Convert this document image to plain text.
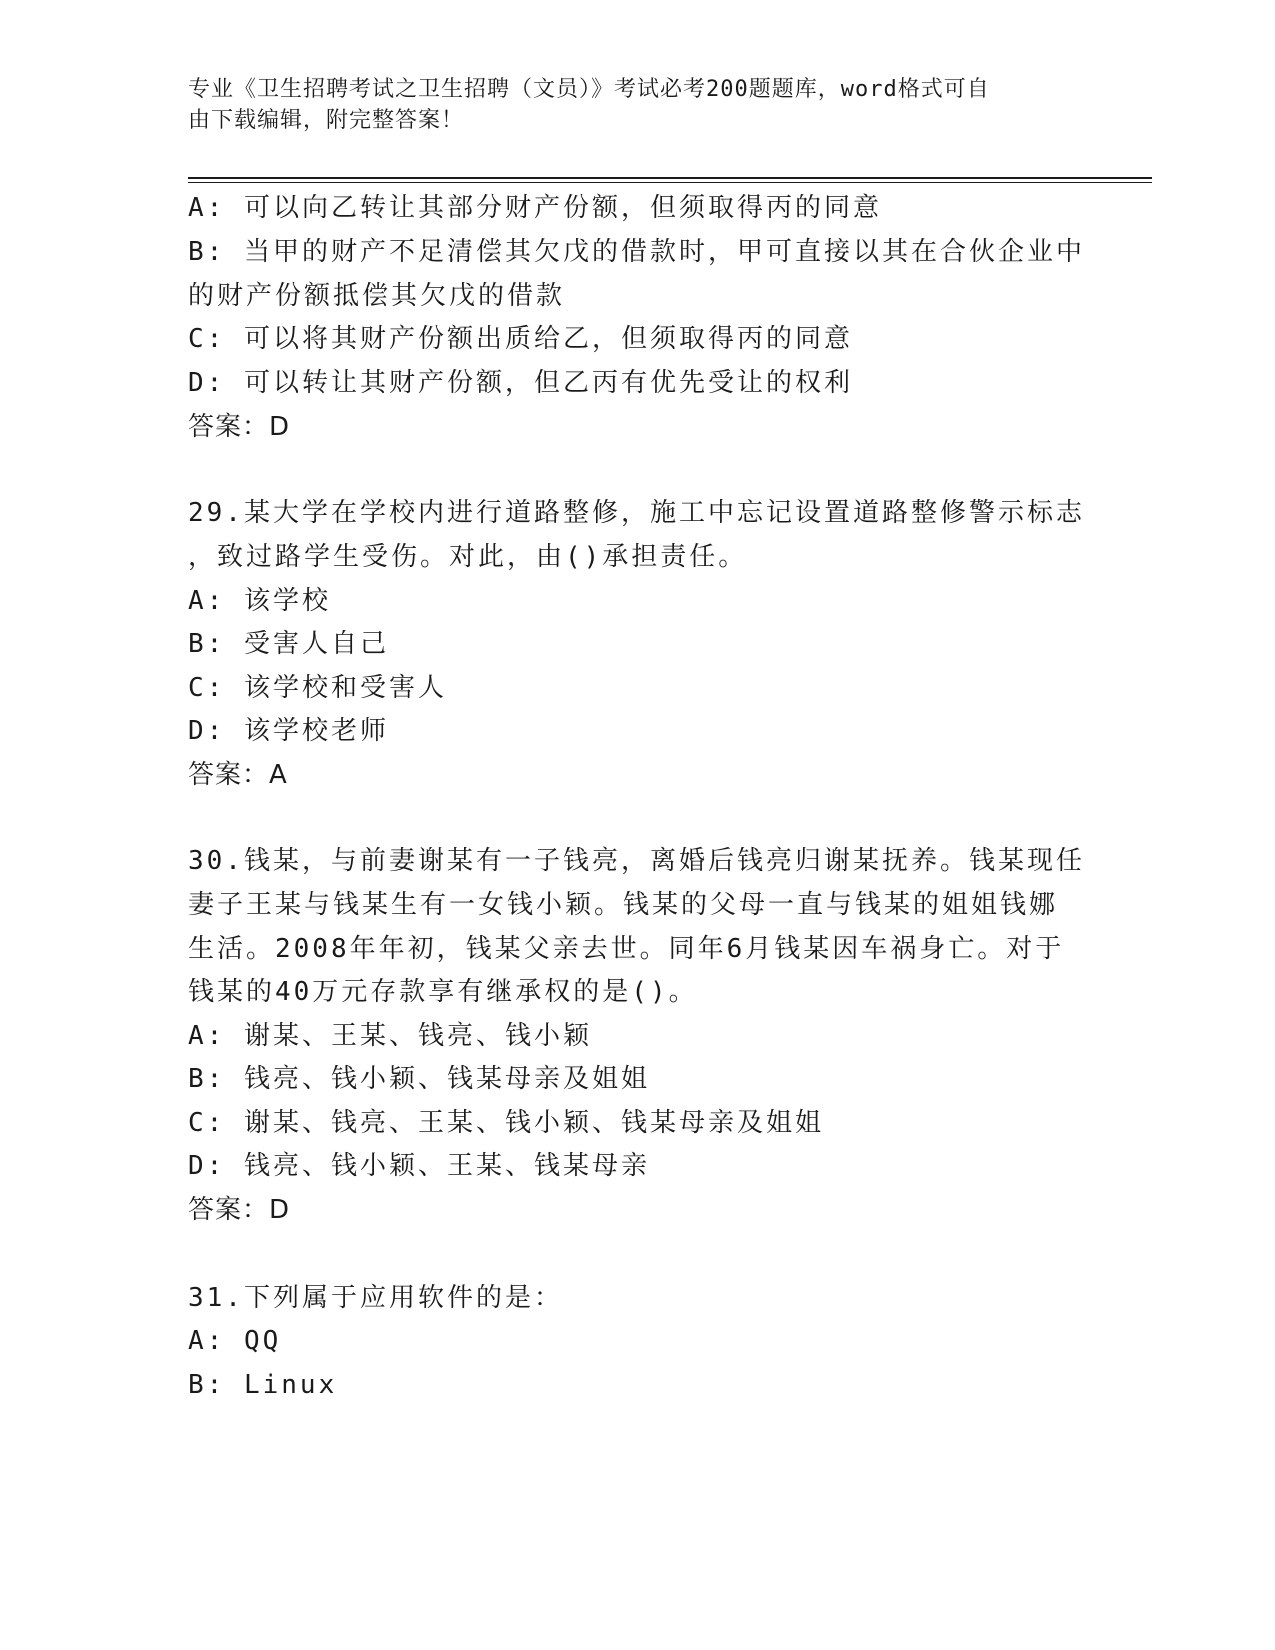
专业《卫生招聘考试之卫生招聘（文员）》考试必考200题题库，word格式可自
由下载编辑，附完整答案！
A: 可以向乙转让其部分财产份额，但须取得丙的同意
B: 当甲的财产不足清偿其欠戊的借款时，甲可直接以其在合伙企业中
的财产份额抵偿其欠戊的借款
C: 可以将其财产份额出质给乙，但须取得丙的同意
D: 可以转让其财产份额，但乙丙有优先受让的权利
答案：D
29.某大学在学校内进行道路整修，施工中忘记设置道路整修警示标志
，致过路学生受伤。对此，由()承担责任。
A: 该学校
B: 受害人自己
C: 该学校和受害人
D: 该学校老师
答案：A
30.钱某，与前妻谢某有一子钱亮，离婚后钱亮归谢某抚养。钱某现任
妻子王某与钱某生有一女钱小颖。钱某的父母一直与钱某的姐姐钱娜
生活。2008年年初，钱某父亲去世。同年6月钱某因车祸身亡。对于
钱某的40万元存款享有继承权的是()。
A: 谢某、王某、钱亮、钱小颖
B: 钱亮、钱小颖、钱某母亲及姐姐
C: 谢某、钱亮、王某、钱小颖、钱某母亲及姐姐
D: 钱亮、钱小颖、王某、钱某母亲
答案：D
31.下列属于应用软件的是：
A: QQ
B: Linux
